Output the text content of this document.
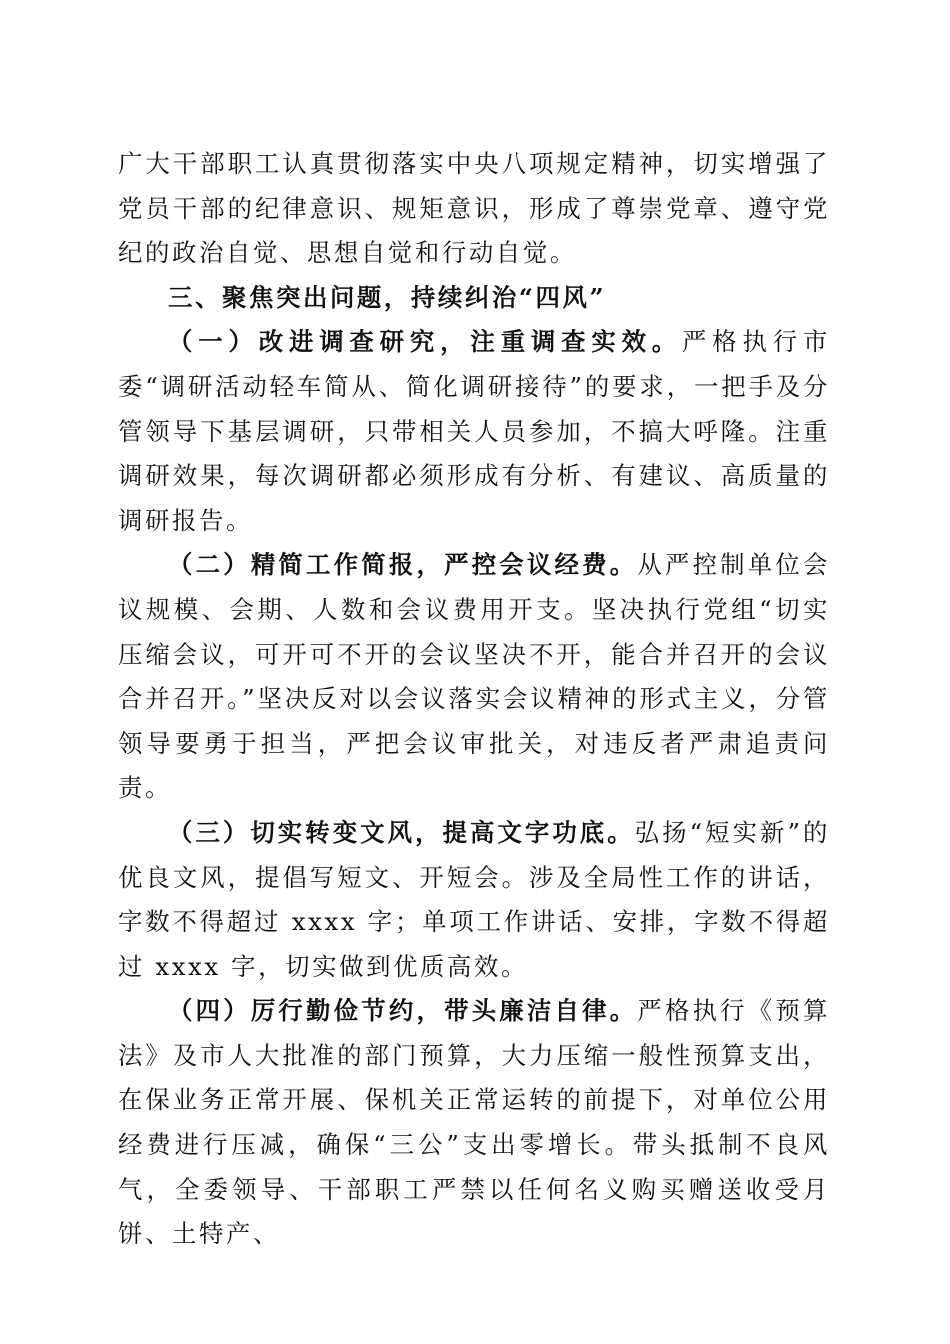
广大干部职工认真贯彻落实中央八项规定精神，切实增强了党员干部的纪律意识、规矩意识，形成了尊崇党章、遵守党纪的政治自觉、思想自觉和行动自觉。

三、聚焦突出问题，持续纠治“四风”

（一）改进调查研究，注重调查实效。严格执行市委“调研活动轻车简从、简化调研接待”的要求，一把手及分管领导下基层调研，只带相关人员参加，不搞大呼隆。注重调研效果，每次调研都必须形成有分析、有建议、高质量的调研报告。

（二）精简工作简报，严控会议经费。从严控制单位会议规模、会期、人数和会议费用开支。坚决执行党组“切实压缩会议，可开可不开的会议坚决不开，能合并召开的会议合并召开。”坚决反对以会议落实会议精神的形式主义，分管领导要勇于担当，严把会议审批关，对违反者严肃追责问责。

（三）切实转变文风，提高文字功底。弘扬“短实新”的优良文风，提倡写短文、开短会。涉及全局性工作的讲话，字数不得超过 xxxx 字；单项工作讲话、安排，字数不得超过 xxxx 字，切实做到优质高效。

（四）厉行勤俭节约，带头廉洁自律。严格执行《预算法》及市人大批准的部门预算，大力压缩一般性预算支出，在保业务正常开展、保机关正常运转的前提下，对单位公用经费进行压减，确保“三公”支出零增长。带头抵制不良风气，全委领导、干部职工严禁以任何名义购买赠送收受月饼、土特产、
